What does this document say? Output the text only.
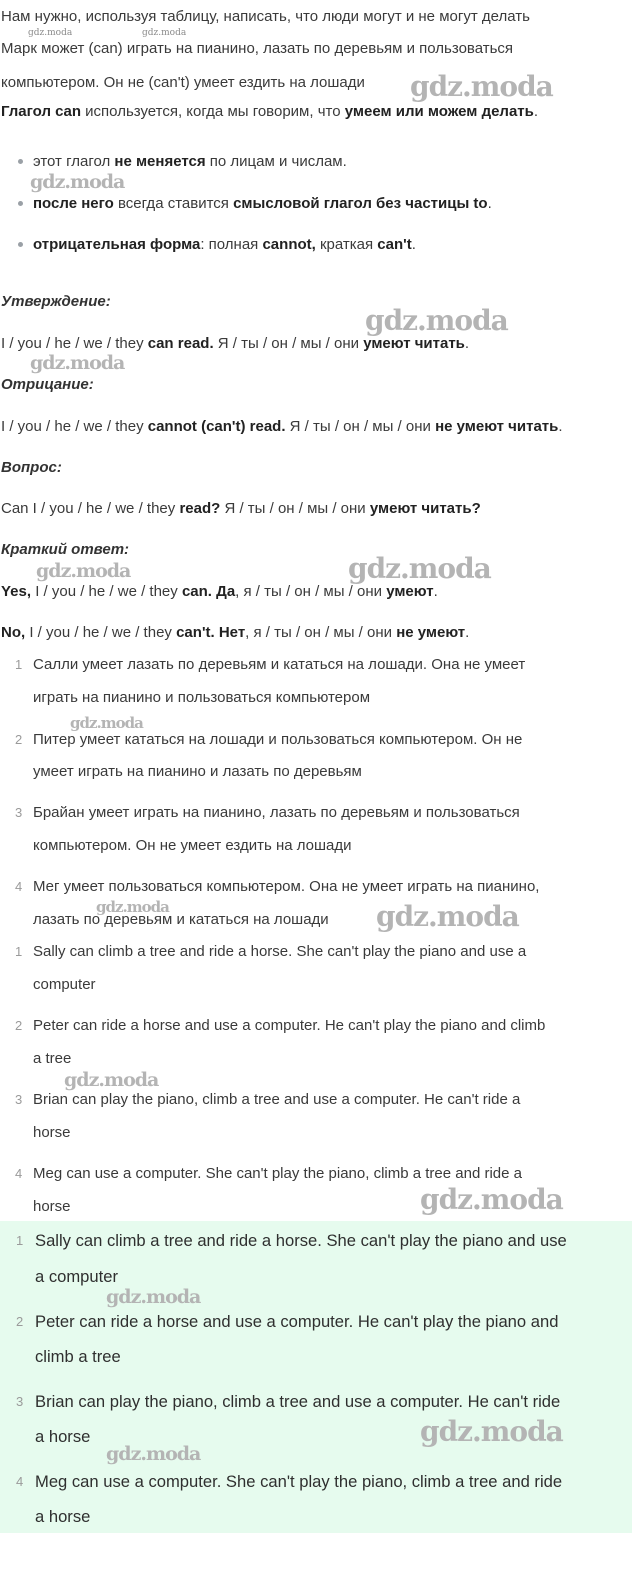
Нам нужно, используя таблицу, написать, что люди могут и не могут делать
Марк может (can) играть на пианино, лазать по деревьям и пользоваться
компьютером. Он не (can't) умеет ездить на лошади
Глагол can используется, когда мы говорим, что умеем или можем делать.
этот глагол не меняется по лицам и числам.
после него всегда ставится смысловой глагол без частицы to.
отрицательная форма: полная cannot, краткая can't.
Утверждение:
I / you / he / we / they can read. Я / ты / он / мы / они умеют читать.
Отрицание:
I / you / he / we / they cannot (can't) read. Я / ты / он / мы / они не умеют читать.
Вопрос:
Can I / you / he / we / they read? Я / ты / он / мы / они умеют читать?
Краткий ответ:
Yes, I / you / he / we / they can. Да, я / ты / он / мы / они умеют.
No, I / you / he / we / they can't. Нет, я / ты / он / мы / они не умеют.
1 Салли умеет лазать по деревьям и кататься на лошади. Она не умеет
играть на пианино и пользоваться компьютером
2 Питер умеет кататься на лошади и пользоваться компьютером. Он не
умеет играть на пианино и лазать по деревьям
3 Брайан умеет играть на пианино, лазать по деревьям и пользоваться
компьютером. Он не умеет ездить на лошади
4 Мег умеет пользоваться компьютером. Она не умеет играть на пианино,
лазать по деревьям и кататься на лошади
1 Sally can climb a tree and ride a horse. She can't play the piano and use a
computer
2 Peter can ride a horse and use a computer. He can't play the piano and climb
a tree
3 Brian can play the piano, climb a tree and use a computer. He can't ride a
horse
4 Meg can use a computer. She can't play the piano, climb a tree and ride a
horse
1 Sally can climb a tree and ride a horse. She can't play the piano and use
a computer
2 Peter can ride a horse and use a computer. He can't play the piano and
climb a tree
3 Brian can play the piano, climb a tree and use a computer. He can't ride
a horse
4 Meg can use a computer. She can't play the piano, climb a tree and ride
a horse
gdz.moda	gdz.moda
gdz.moda
gdz.moda
gdz.moda
gdz.moda
gdz.moda	gdz.moda
gdz.moda
gdz.moda	gdz.moda
gdz.moda
gdz.moda
gdz.moda
gdz.moda
gdz.moda
